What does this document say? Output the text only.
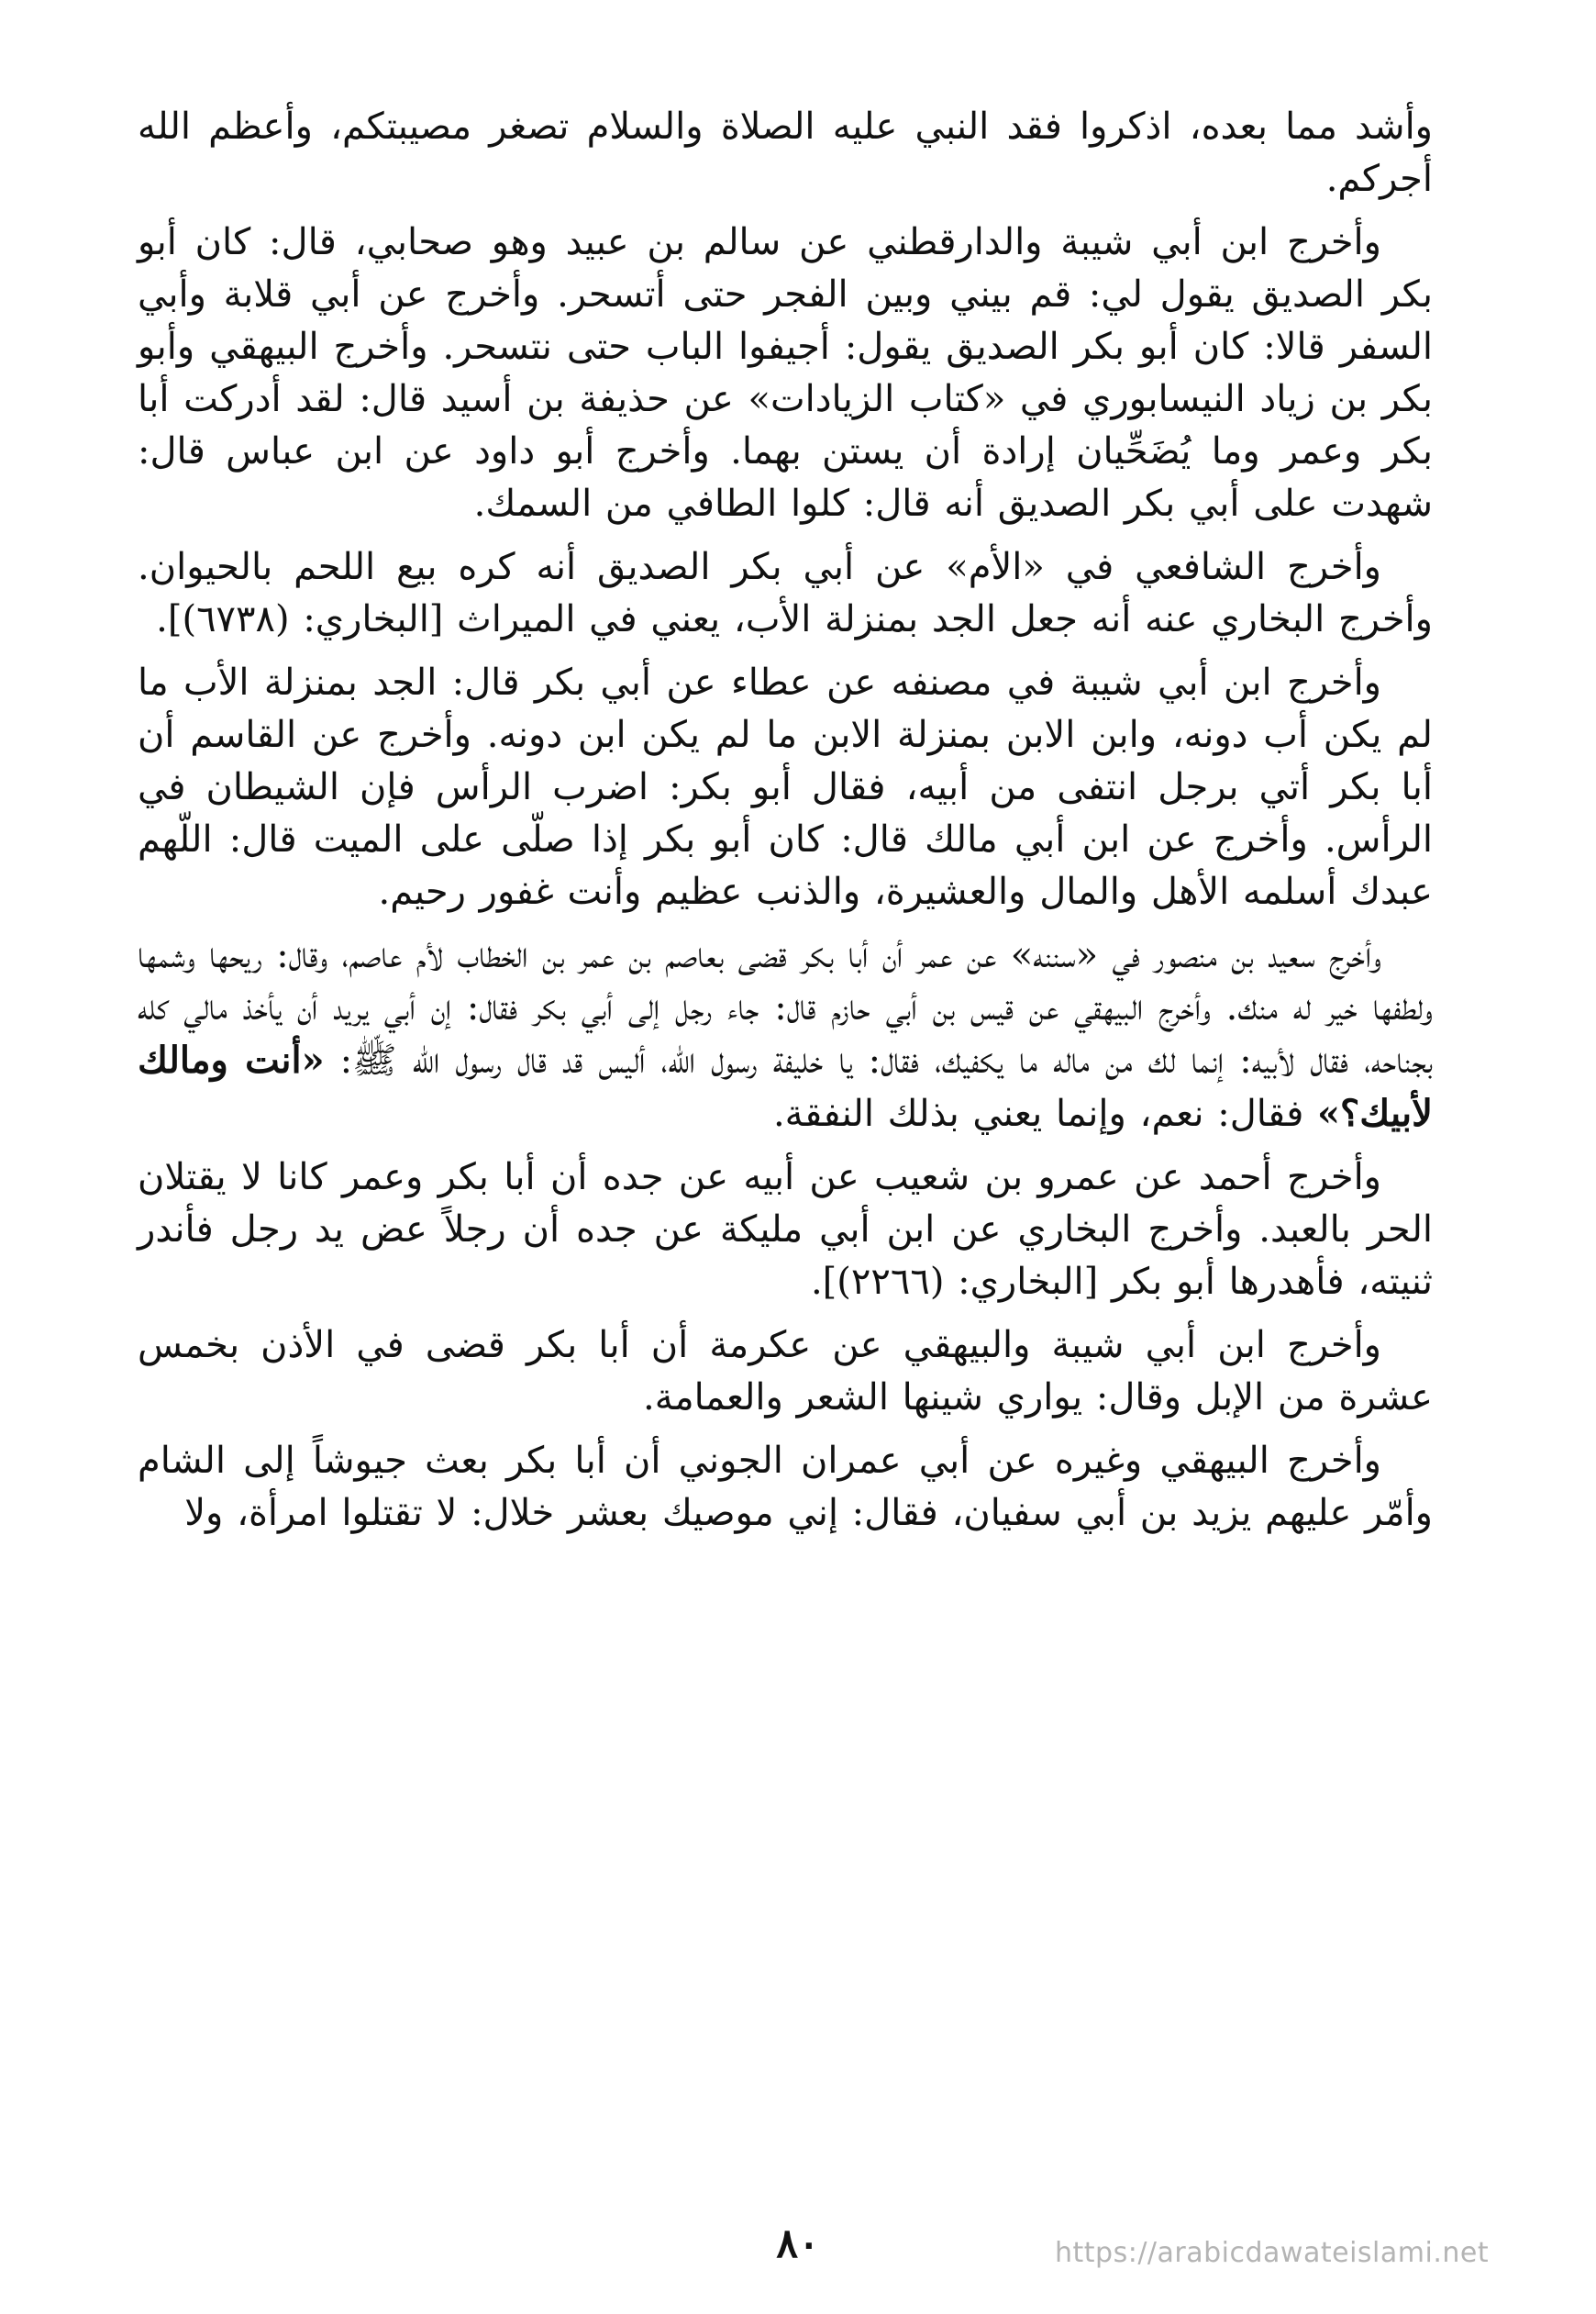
وأشد مما بعده، اذكروا فقد النبي عليه الصلاة والسلام تصغر مصيبتكم، وأعظم الله أجركم.

وأخرج ابن أبي شيبة والدارقطني عن سالم بن عبيد وهو صحابي، قال: كان أبو بكر الصديق يقول لي: قم بيني وبين الفجر حتى أتسحر. وأخرج عن أبي قلابة وأبي السفر قالا: كان أبو بكر الصديق يقول: أجيفوا الباب حتى نتسحر. وأخرج البيهقي وأبو بكر بن زياد النيسابوري في «كتاب الزيادات» عن حذيفة بن أسيد قال: لقد أدركت أبا بكر وعمر وما يُضَحِّيان إرادة أن يستن بهما. وأخرج أبو داود عن ابن عباس قال: شهدت على أبي بكر الصديق أنه قال: كلوا الطافي من السمك.

وأخرج الشافعي في «الأم» عن أبي بكر الصديق أنه كره بيع اللحم بالحيوان. وأخرج البخاري عنه أنه جعل الجد بمنزلة الأب، يعني في الميراث [البخاري: (٦٧٣٨)].

وأخرج ابن أبي شيبة في مصنفه عن عطاء عن أبي بكر قال: الجد بمنزلة الأب ما لم يكن أب دونه، وابن الابن بمنزلة الابن ما لم يكن ابن دونه. وأخرج عن القاسم أن أبا بكر أتي برجل انتفى من أبيه، فقال أبو بكر: اضرب الرأس فإن الشيطان في الرأس. وأخرج عن ابن أبي مالك قال: كان أبو بكر إذا صلّى على الميت قال: اللّهم عبدك أسلمه الأهل والمال والعشيرة، والذنب عظيم وأنت غفور رحيم.

وأخرج سعيد بن منصور في «سننه» عن عمر أن أبا بكر قضى بعاصم بن عمر بن الخطاب لأم عاصم، وقال: ريحها وشمها ولطفها خير له منك. وأخرج البيهقي عن قيس بن أبي حازم قال: جاء رجل إلى أبي بكر فقال: إن أبي يريد أن يأخذ مالي كله بجناحه، فقال لأبيه: إنما لك من ماله ما يكفيك، فقال: يا خليفة رسول الله، أليس قد قال رسول الله ﷺ: «أنت ومالك لأبيك؟» فقال: نعم، وإنما يعني بذلك النفقة.

وأخرج أحمد عن عمرو بن شعيب عن أبيه عن جده أن أبا بكر وعمر كانا لا يقتلان الحر بالعبد. وأخرج البخاري عن ابن أبي مليكة عن جده أن رجلاً عض يد رجل فأندر ثنيته، فأهدرها أبو بكر [البخاري: (٢٢٦٦)].

وأخرج ابن أبي شيبة والبيهقي عن عكرمة أن أبا بكر قضى في الأذن بخمس عشرة من الإبل وقال: يواري شينها الشعر والعمامة.

وأخرج البيهقي وغيره عن أبي عمران الجوني أن أبا بكر بعث جيوشاً إلى الشام وأمّر عليهم يزيد بن أبي سفيان، فقال: إني موصيك بعشر خلال: لا تقتلوا امرأة، ولا

٨٠	https://arabicdawateislami.net
